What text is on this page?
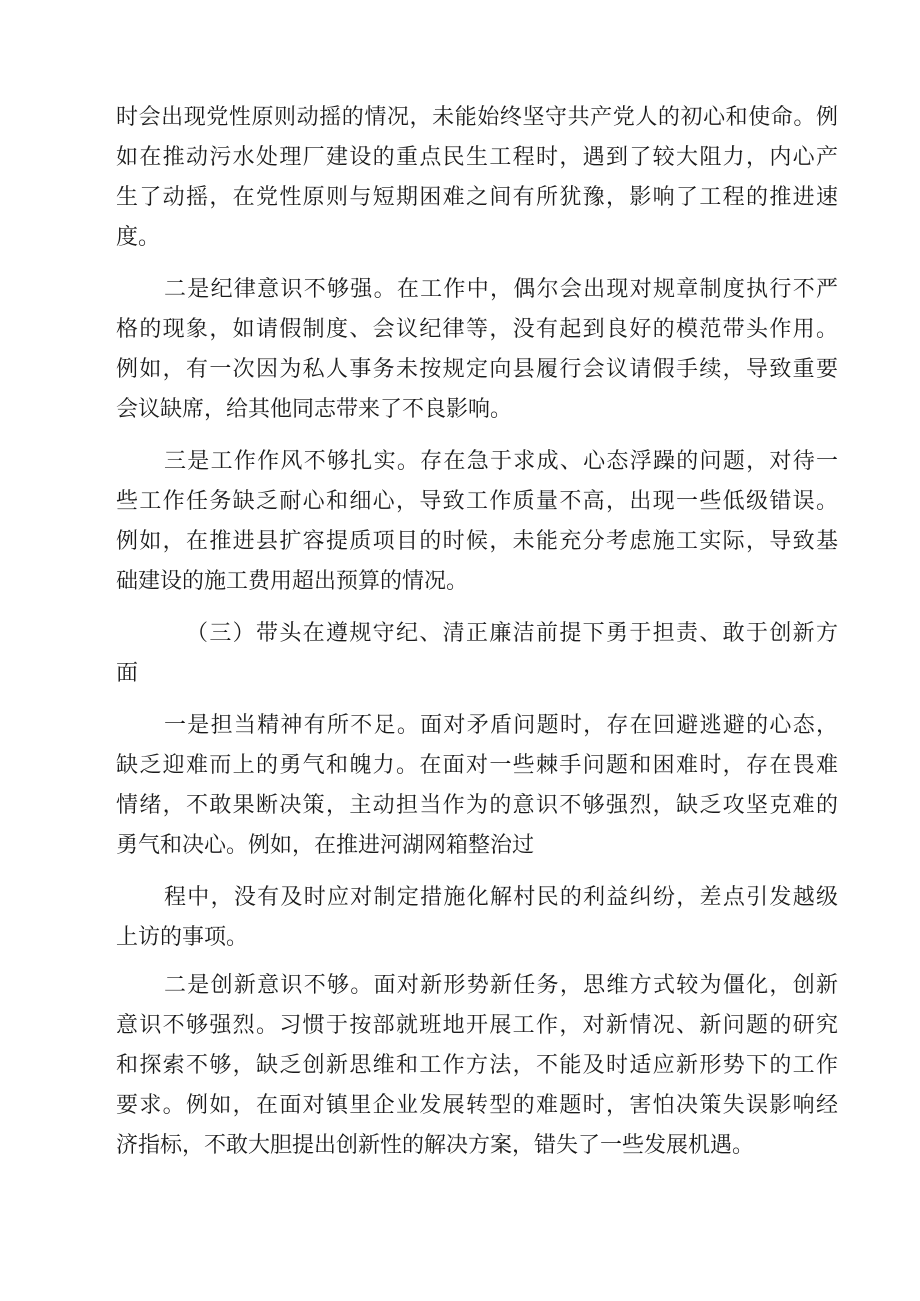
时会出现党性原则动摇的情况，未能始终坚守共产党人的初心和使命。例
如在推动污水处理厂建设的重点民生工程时，遇到了较大阻力，内心产
生了动摇，在党性原则与短期困难之间有所犹豫，影响了工程的推进速
度。
二是纪律意识不够强。在工作中，偶尔会出现对规章制度执行不严
格的现象，如请假制度、会议纪律等，没有起到良好的模范带头作用。
例如，有一次因为私人事务未按规定向县履行会议请假手续，导致重要
会议缺席，给其他同志带来了不良影响。
三是工作作风不够扎实。存在急于求成、心态浮躁的问题，对待一
些工作任务缺乏耐心和细心，导致工作质量不高，出现一些低级错误。
例如，在推进县扩容提质项目的时候，未能充分考虑施工实际，导致基
础建设的施工费用超出预算的情况。
（三）带头在遵规守纪、清正廉洁前提下勇于担责、敢于创新方
面
一是担当精神有所不足。面对矛盾问题时，存在回避逃避的心态，
缺乏迎难而上的勇气和魄力。在面对一些棘手问题和困难时，存在畏难
情绪，不敢果断决策，主动担当作为的意识不够强烈，缺乏攻坚克难的
勇气和决心。例如，在推进河湖网箱整治过
程中，没有及时应对制定措施化解村民的利益纠纷，差点引发越级
上访的事项。
二是创新意识不够。面对新形势新任务，思维方式较为僵化，创新
意识不够强烈。习惯于按部就班地开展工作，对新情况、新问题的研究
和探索不够，缺乏创新思维和工作方法，不能及时适应新形势下的工作
要求。例如，在面对镇里企业发展转型的难题时，害怕决策失误影响经
济指标，不敢大胆提出创新性的解决方案，错失了一些发展机遇。
